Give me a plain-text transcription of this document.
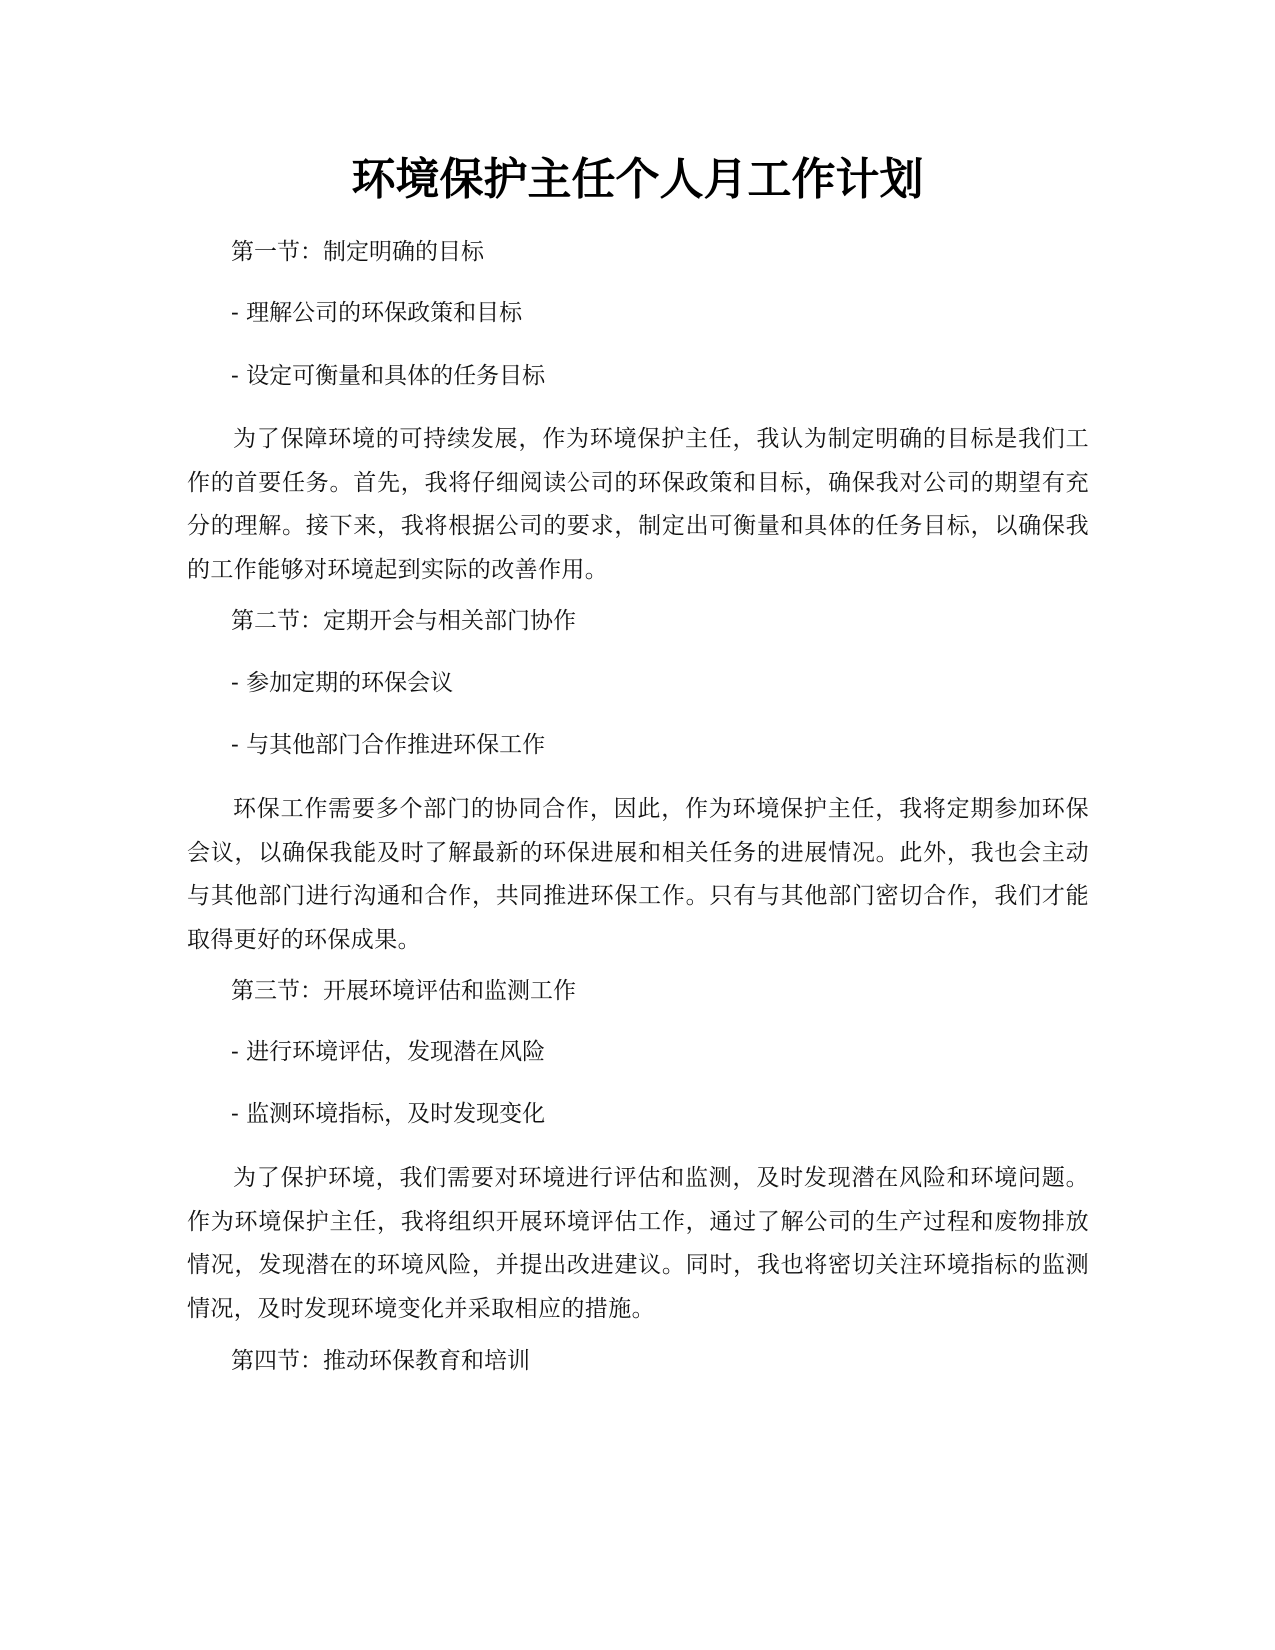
环境保护主任个人月工作计划

第一节：制定明确的目标

- 理解公司的环保政策和目标

- 设定可衡量和具体的任务目标

为了保障环境的可持续发展，作为环境保护主任，我认为制定明确的目标是我们工作的首要任务。首先，我将仔细阅读公司的环保政策和目标，确保我对公司的期望有充分的理解。接下来，我将根据公司的要求，制定出可衡量和具体的任务目标，以确保我的工作能够对环境起到实际的改善作用。

第二节：定期开会与相关部门协作

- 参加定期的环保会议

- 与其他部门合作推进环保工作

环保工作需要多个部门的协同合作，因此，作为环境保护主任，我将定期参加环保会议，以确保我能及时了解最新的环保进展和相关任务的进展情况。此外，我也会主动与其他部门进行沟通和合作，共同推进环保工作。只有与其他部门密切合作，我们才能取得更好的环保成果。

第三节：开展环境评估和监测工作

- 进行环境评估，发现潜在风险

- 监测环境指标，及时发现变化

为了保护环境，我们需要对环境进行评估和监测，及时发现潜在风险和环境问题。作为环境保护主任，我将组织开展环境评估工作，通过了解公司的生产过程和废物排放情况，发现潜在的环境风险，并提出改进建议。同时，我也将密切关注环境指标的监测情况，及时发现环境变化并采取相应的措施。

第四节：推动环保教育和培训
